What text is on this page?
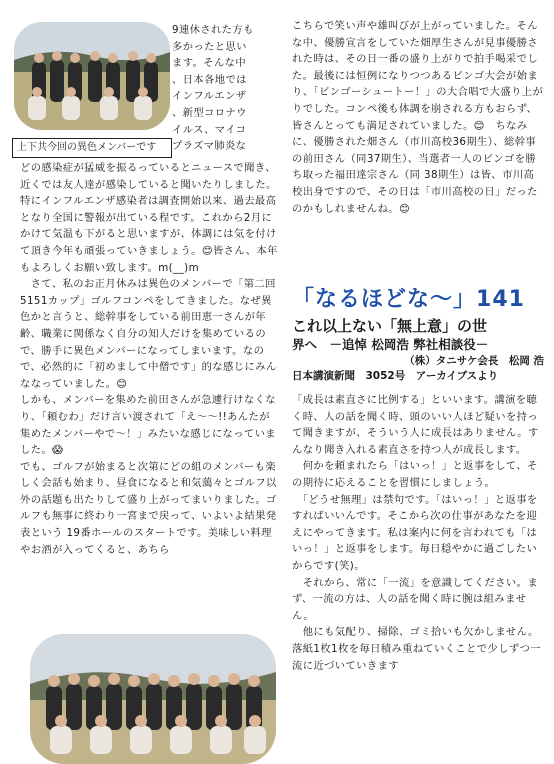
9連休された方も
多かったと思い
ます。そんな中
、日本各地では
インフルエンザ
、新型コロナウ
イルス、マイコ
プラズマ肺炎な
上下共今回の異色メンバーです
どの感染症が猛威を振るっているとニュースで聞き、近くでは友人達が感染していると聞いたりしました。特にインフルエンザ感染者は調査開始以来、過去最高となり全国に警報が出ている程です。これから2月にかけて気温も下がると思いますが、体調には気を付けて頂き今年も頑張っていきましょう。😊皆さん、本年もよろしくお願い致します。m(__)m
　さて、私のお正月休みは異色のメンバーで「第二回 5151カップ」ゴルフコンペをしてきました。なぜ異色かと言うと、総幹事をしている前田恵一さんが年齢、職業に関係なく自分の知人だけを集めているので、勝手に異色メンバーになってしまいます。なので、必然的に「初めまして中僧です」的な感じにみんななっていました。😊
しかも、メンバーを集めた前田さんが急遽行けなくなり、「頼むわ」だけ言い渡されて「え〜〜!!あんたが集めたメンバーやで〜！」みたいな感じになっていました。😱
でも、ゴルフが始まると次第にどの組のメンバーも楽しく会話も始まり、昼食になると和気藹々とゴルフ以外の話題も出たりして盛り上がってまいりました。ゴルフも無事に終わり一宮まで戻って、いよいよ結果発表という 19番ホールのスタートです。美味しい料理やお酒が入ってくると、あちら
こちらで笑い声や雄叫びが上がっていました。そんな中、優勝宣言をしていた畑厚生さんが見事優勝された時は、その日一番の盛り上がりで拍手喝采でした。最後には恒例になりつつあるビンゴ大会が始まり、「ビンゴーシュートー！」の大合唱で大盛り上がりでした。コンペ後も体調を崩される方もおらず、皆さんとっても満足されていました。😊　ちなみに、優勝された畑さん（市川高校36期生）、総幹事の前田さん（同37期生）、当選者一人のビンゴを勝ち取った福田達宗さん（同 38期生）は皆、市川高校出身ですので、その日は「市川高校の日」だったのかもしれませんね。😊
「なるほどな〜」141
これ以上ない「無上意」の世
界へ　－追悼 松岡浩 弊社相談役－
（株）タニサケ会長　松岡 浩
日本講演新聞　3052号　アーカイブスより
「成長は素直さに比例する」といいます。講演を聴く時、人の話を聞く時、頭のいい人ほど疑いを持って聞きますが、そういう人に成長はありません。すんなり聞き入れる素直さを持つ人が成長します。
　何かを頼まれたら「はいっ！」と返事をして、その期待に応えることを習慣にしましょう。
　「どうせ無理」は禁句です。「はいっ！」と返事をすればいいんです。そこから次の仕事があなたを迎えにやってきます。私は案内に何を言われても「はいっ！」と返事をします。毎日穏やかに過ごしたいからです(笑)。
　それから、常に「一流」を意識してください。まず、一流の方は、人の話を聞く時に腕は組みません。
　他にも気配り、掃除、ゴミ拾いも欠かしません。落紙1枚1枚を毎日積み重ねていくことで少しずつ一流に近づいていきます
